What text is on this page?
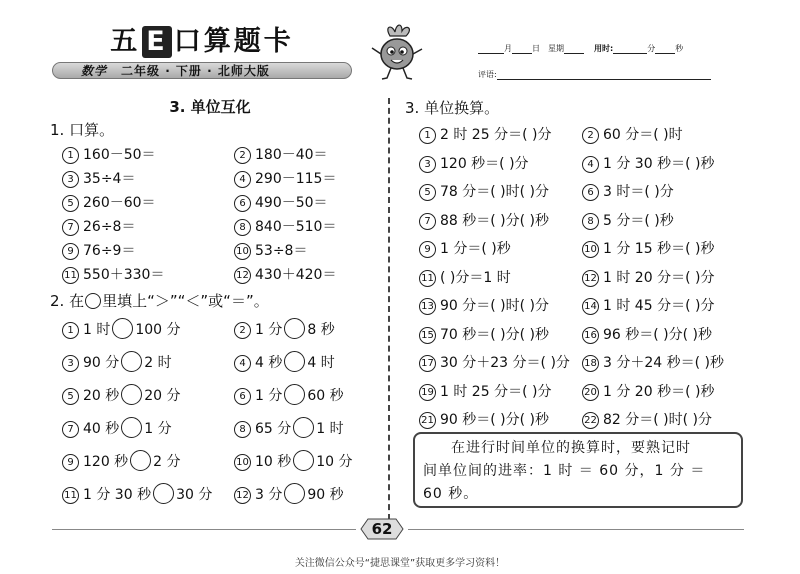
五 E 口算题卡
数学 二年级 · 下册 · 北师大版
月	日 星期	用时:	分	秒
评语:
3. 单位互化
1. 口算。
1 160－50＝	2 180－40＝
3 35÷4＝	4 290－115＝
5 260－60＝	6 490－50＝
7 26÷8＝	8 840－510＝
9 76÷9＝	10 53÷8＝
11 550＋330＝	12 430＋420＝
2. 在 里填上“＞”“＜”或“＝”。
1 1 时 100 分	2 1 分 8 秒
3 90 分 2 时	4 4 秒 4 时
5 20 秒 20 分	6 1 分 60 秒
7 40 秒 1 分	8 65 分 1 时
9 120 秒 2 分	10 10 秒 10 分
11 1 分 30 秒 30 分	12 3 分 90 秒
3. 单位换算。
1 2 时 25 分＝( )分	2 60 分＝( )时
3 120 秒＝( )分	4 1 分 30 秒＝( )秒
5 78 分＝( )时( )分	6 3 时＝( )分
7 88 秒＝( )分( )秒	8 5 分＝( )秒
9 1 分＝( )秒	10 1 分 15 秒＝( )秒
11 ( )分＝1 时	12 1 时 20 分＝( )分
13 90 分＝( )时( )分	14 1 时 45 分＝( )分
15 70 秒＝( )分( )秒	16 96 秒＝( )分( )秒
17 30 分＋23 分＝( )分	18 3 分＋24 秒＝( )秒
19 1 时 25 分＝( )分	20 1 分 20 秒＝( )秒
21 90 秒＝( )分( )秒	22 82 分＝( )时( )分
在进行时间单位的换算时，要熟记时
间单位间的进率：1 时 ＝ 60 分，1 分 ＝
60 秒。
62
关注微信公众号“捷思课堂”获取更多学习资料！
